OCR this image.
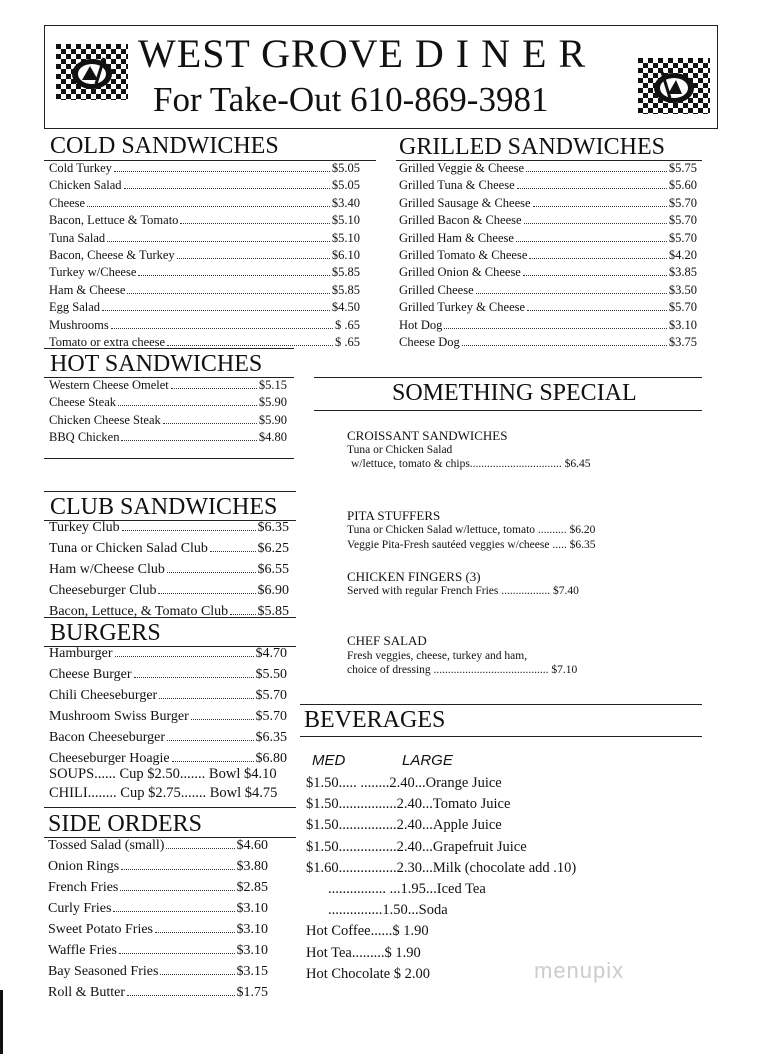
WEST GROVE D I N E R
For Take-Out 610-869-3981
COLD SANDWICHES
Cold Turkey	$5.05
Chicken Salad	$5.05
Cheese	$3.40
Bacon, Lettuce & Tomato	$5.10
Tuna Salad	$5.10
Bacon, Cheese & Turkey	$6.10
Turkey w/Cheese	$5.85
Ham & Cheese	$5.85
Egg Salad	$4.50
Mushrooms	$ .65
Tomato or extra cheese	$ .65
GRILLED SANDWICHES
Grilled Veggie & Cheese	$5.75
Grilled Tuna & Cheese	$5.60
Grilled Sausage & Cheese	$5.70
Grilled Bacon & Cheese	$5.70
Grilled Ham & Cheese	$5.70
Grilled Tomato & Cheese	$4.20
Grilled Onion & Cheese	$3.85
Grilled Cheese	$3.50
Grilled Turkey & Cheese	$5.70
Hot Dog	$3.10
Cheese Dog	$3.75
HOT SANDWICHES
Western Cheese Omelet	$5.15
Cheese Steak	$5.90
Chicken Cheese Steak	$5.90
BBQ Chicken	$4.80
CLUB SANDWICHES
Turkey Club	$6.35
Tuna or Chicken Salad Club	$6.25
Ham w/Cheese Club	$6.55
Cheeseburger Club	$6.90
Bacon, Lettuce, & Tomato Club $5.85
BURGERS
Hamburger	$4.70
Cheese Burger	$5.50
Chili Cheeseburger	$5.70
Mushroom Swiss Burger	$5.70
Bacon Cheeseburger	$6.35
Cheeseburger Hoagie	$6.80
SOUPS...... Cup $2.50....... Bowl $4.10
CHILI........ Cup $2.75....... Bowl $4.75
SIDE ORDERS
Tossed Salad (small)	$4.60
Onion Rings	$3.80
French Fries	$2.85
Curly Fries	$3.10
Sweet Potato Fries	$3.10
Waffle Fries	$3.10
Bay Seasoned Fries	$3.15
Roll & Butter	$1.75
SOMETHING SPECIAL
CROISSANT SANDWICHES
Tuna or Chicken Salad
w/lettuce, tomato & chips................................ $6.45
PITA STUFFERS
Tuna or Chicken Salad w/lettuce, tomato .......... $6.20
Veggie Pita-Fresh sautéed veggies w/cheese ..... $6.35
CHICKEN FINGERS (3)
Served with regular French Fries ................. $7.40
CHEF SALAD
Fresh veggies, cheese, turkey and ham,
choice of dressing ........................................ $7.10
BEVERAGES
MED	LARGE
$1.50..... ........2.40...Orange Juice
$1.50................2.40...Tomato Juice
$1.50................2.40...Apple Juice
$1.50................2.40...Grapefruit Juice
$1.60................2.30...Milk (chocolate add .10)
................ ...1.95...Iced Tea
...............1.50...Soda
Hot Coffee......$ 1.90
Hot Tea.........$ 1.90
Hot Chocolate $ 2.00	menupix
